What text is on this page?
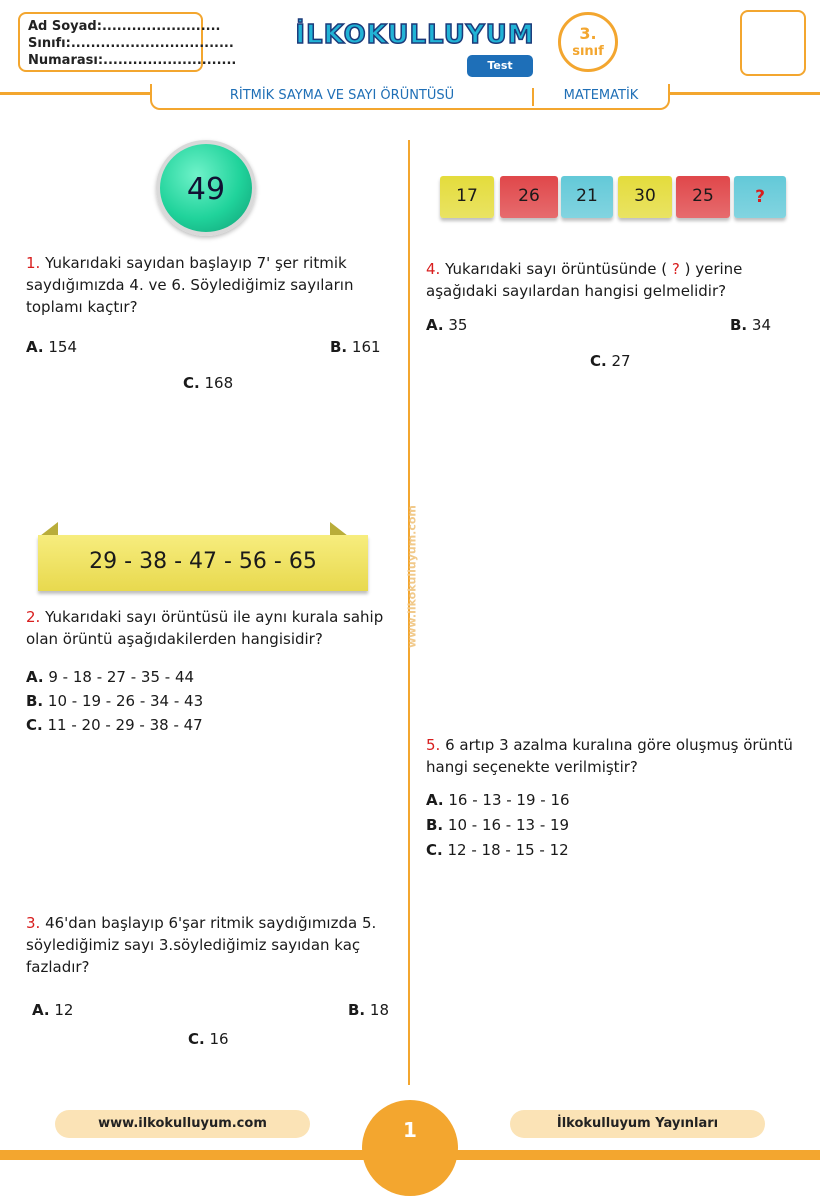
Ad Soyad:........................
Sınıfı:.................................
Numarası:...........................
İLKOKULLUYUM
Test
3.
sınıf
RİTMİK SAYMA VE SAYI ÖRÜNTÜSÜ	MATEMATİK
www.ilkokulluyum.com
49
1. Yukarıdaki sayıdan başlayıp 7' şer ritmik saydığımızda 4. ve 6. Söylediğimiz sayıların toplamı kaçtır?
A. 154	B. 161
C. 168
29 - 38 - 47 - 56 - 65
2. Yukarıdaki sayı örüntüsü ile aynı kurala sahip olan örüntü aşağıdakilerden hangisidir?
A. 9 - 18 - 27 - 35 - 44
B. 10 - 19 - 26 - 34 - 43
C. 11 - 20 - 29 - 38 - 47
3. 46'dan başlayıp 6'şar ritmik saydığımızda 5. söylediğimiz sayı 3.söylediğimiz sayıdan kaç fazladır?
A. 12	B. 18
C. 16
17	26	21	30	25	?
4. Yukarıdaki sayı örüntüsünde ( ? ) yerine aşağıdaki sayılardan hangisi gelmelidir?
A. 35	B. 34
C. 27
5. 6 artıp 3 azalma kuralına göre oluşmuş örüntü hangi seçenekte verilmiştir?
A. 16 - 13 - 19 - 16
B. 10 - 16 - 13 - 19
C. 12 - 18 - 15 - 12
1
www.ilkokulluyum.com	İlkokulluyum Yayınları
